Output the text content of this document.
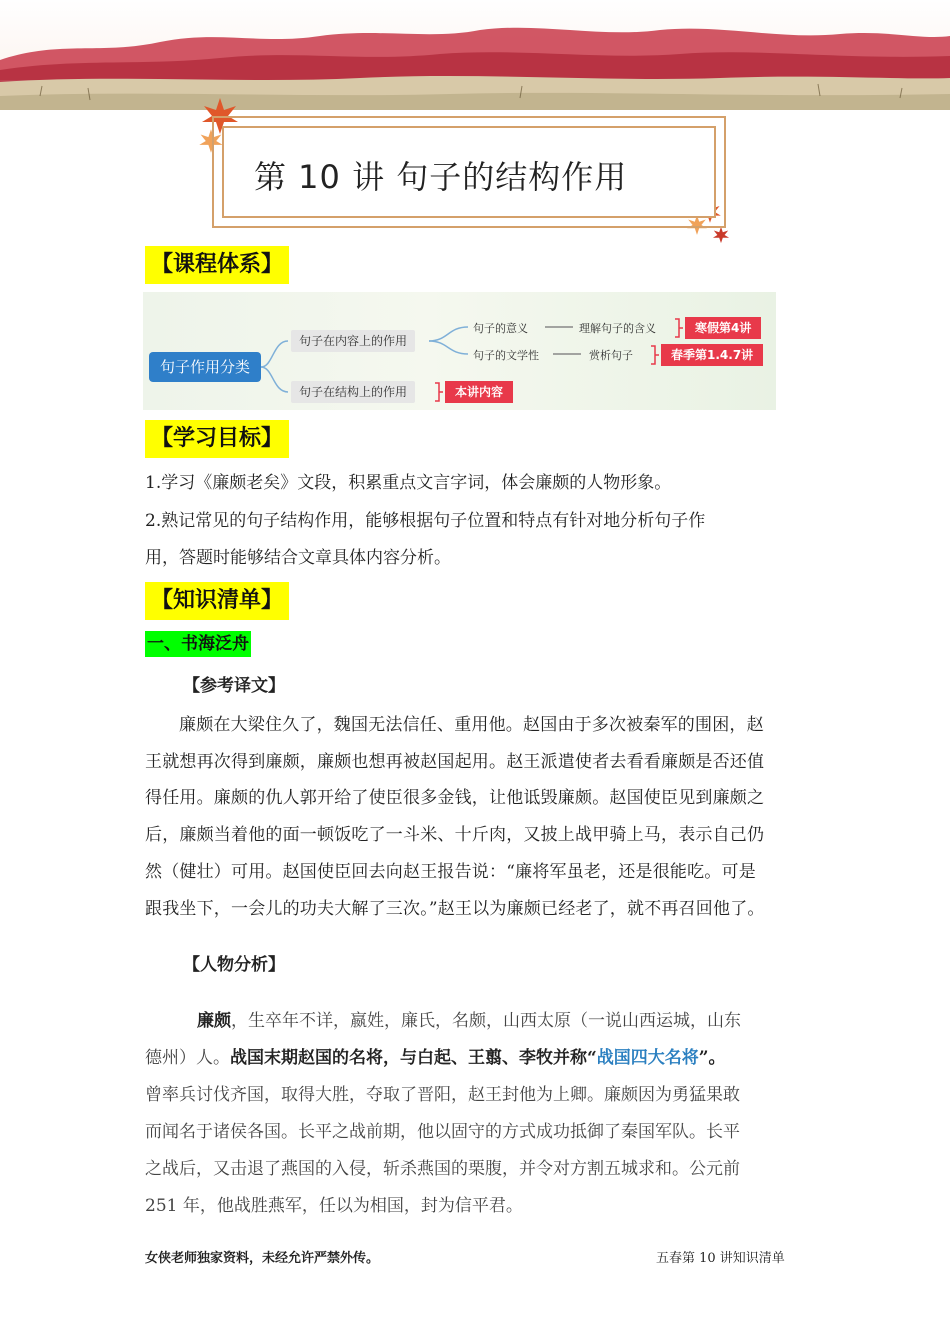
第 10 讲 句子的结构作用
【课程体系】
句子作用分类
句子在内容上的作用
句子在结构上的作用
句子的意义
句子的文学性
理解句子的含义
赏析句子
寒假第4讲
春季第1.4.7讲
本讲内容
【学习目标】
1.学习《廉颇老矣》文段，积累重点文言字词，体会廉颇的人物形象。
2.熟记常见的句子结构作用，能够根据句子位置和特点有针对地分析句子作
用，答题时能够结合文章具体内容分析。
【知识清单】
一、书海泛舟
【参考译文】
廉颇在大梁住久了，魏国无法信任、重用他。赵国由于多次被秦军的围困，赵
王就想再次得到廉颇，廉颇也想再被赵国起用。赵王派遣使者去看看廉颇是否还值
得任用。廉颇的仇人郭开给了使臣很多金钱，让他诋毁廉颇。赵国使臣见到廉颇之
后，廉颇当着他的面一顿饭吃了一斗米、十斤肉，又披上战甲骑上马，表示自己仍
然（健壮）可用。赵国使臣回去向赵王报告说：“廉将军虽老，还是很能吃。可是
跟我坐下，一会儿的功夫大解了三次。”赵王以为廉颇已经老了，就不再召回他了。
【人物分析】
廉颇，生卒年不详，嬴姓，廉氏，名颇，山西太原（一说山西运城，山东
德州）人。战国末期赵国的名将，与白起、王翦、李牧并称“战国四大名将”。
曾率兵讨伐齐国，取得大胜，夺取了晋阳，赵王封他为上卿。廉颇因为勇猛果敢
而闻名于诸侯各国。长平之战前期，他以固守的方式成功抵御了秦国军队。长平
之战后，又击退了燕国的入侵，斩杀燕国的栗腹，并令对方割五城求和。公元前
251 年，他战胜燕军，任以为相国，封为信平君。
女侠老师独家资料，未经允许严禁外传。	五春第 10 讲知识清单
